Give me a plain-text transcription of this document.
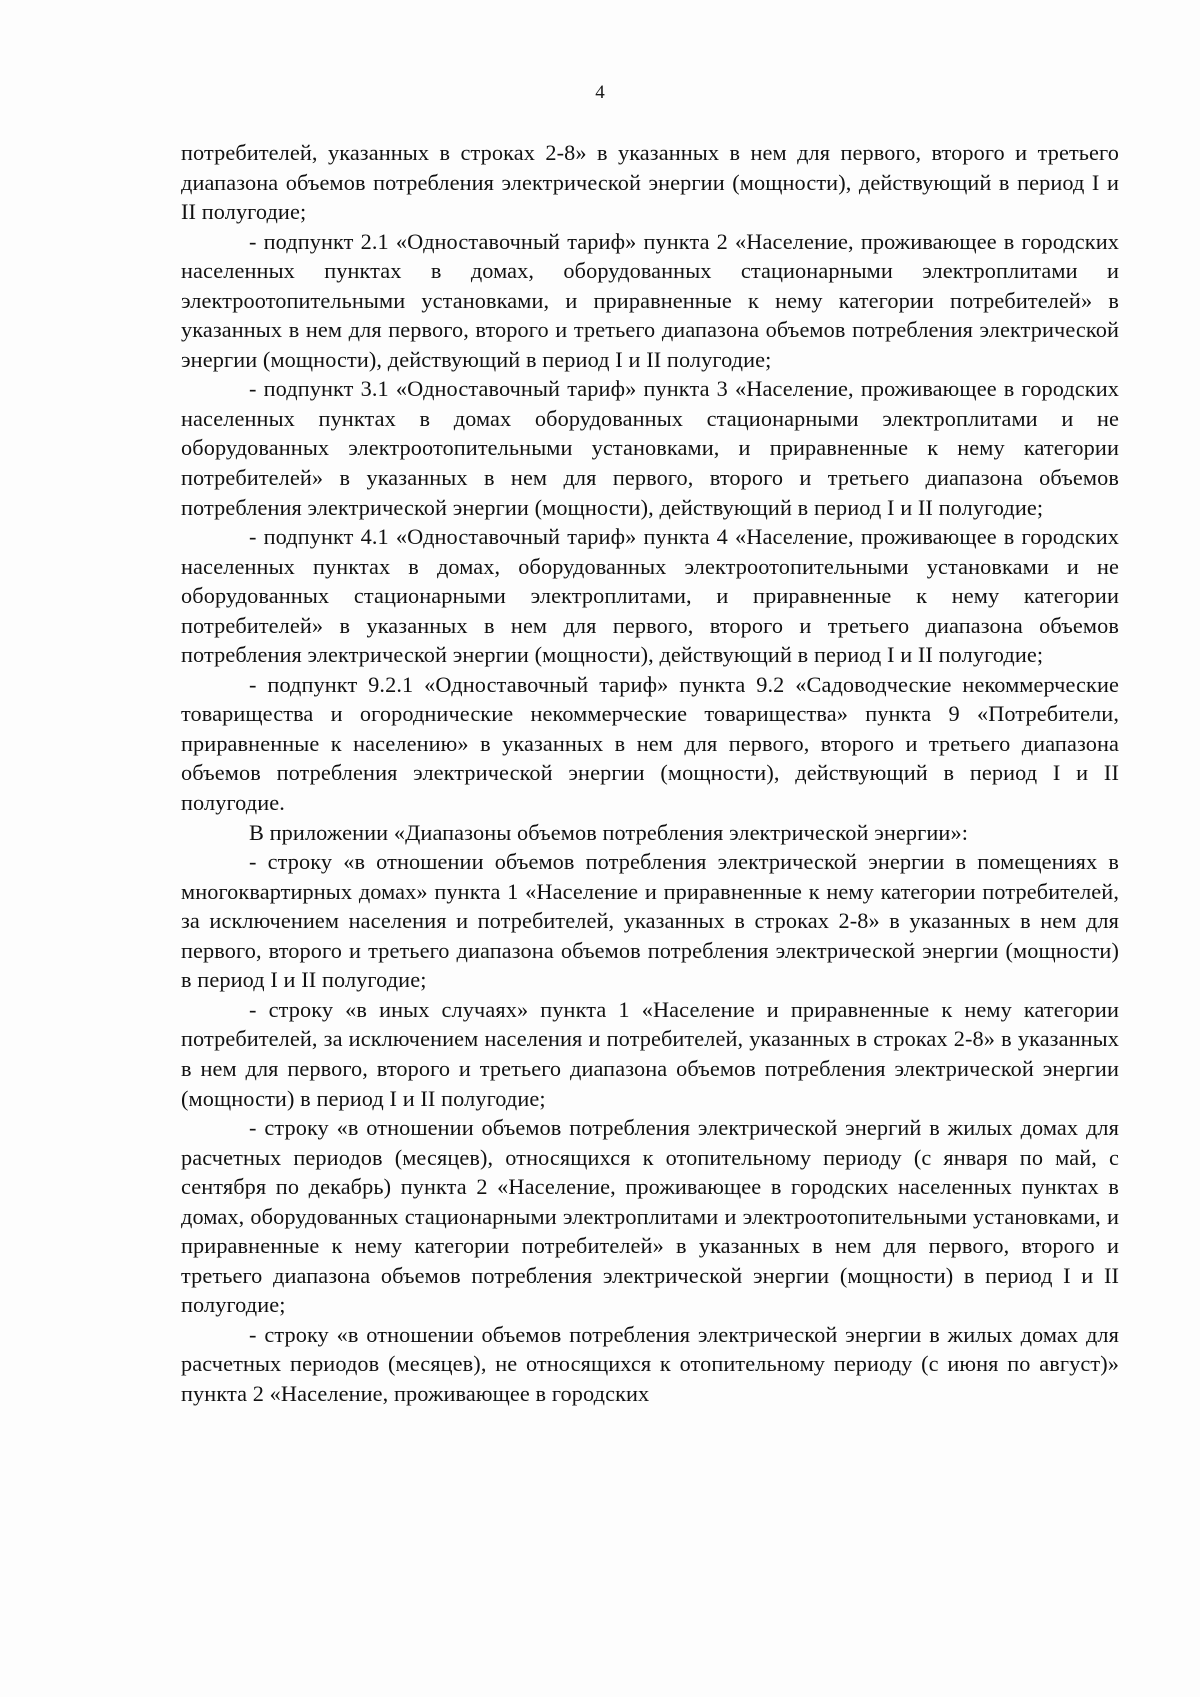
4

потребителей, указанных в строках 2-8» в указанных в нем для первого, второго и третьего диапазона объемов потребления электрической энергии (мощности), действующий в период I и II полугодие;

- подпункт 2.1 «Одноставочный тариф» пункта 2 «Население, проживающее в городских населенных пунктах в домах, оборудованных стационарными электроплитами и электроотопительными установками, и приравненные к нему категории потребителей» в указанных в нем для первого, второго и третьего диапазона объемов потребления электрической энергии (мощности), действующий в период I и II полугодие;

- подпункт 3.1 «Одноставочный тариф» пункта 3 «Население, проживающее в городских населенных пунктах в домах оборудованных стационарными электроплитами и не оборудованных электроотопительными установками, и приравненные к нему категории потребителей» в указанных в нем для первого, второго и третьего диапазона объемов потребления электрической энергии (мощности), действующий в период I и II полугодие;

- подпункт 4.1 «Одноставочный тариф» пункта 4 «Население, проживающее в городских населенных пунктах в домах, оборудованных электроотопительными установками и не оборудованных стационарными электроплитами, и приравненные к нему категории потребителей» в указанных в нем для первого, второго и третьего диапазона объемов потребления электрической энергии (мощности), действующий в период I и II полугодие;

- подпункт 9.2.1 «Одноставочный тариф» пункта 9.2 «Садоводческие некоммерческие товарищества и огороднические некоммерческие товарищества» пункта 9 «Потребители, приравненные к населению» в указанных в нем для первого, второго и третьего диапазона объемов потребления электрической энергии (мощности), действующий в период I и II полугодие.

В приложении «Диапазоны объемов потребления электрической энергии»:

- строку «в отношении объемов потребления электрической энергии в помещениях в многоквартирных домах» пункта 1 «Население и приравненные к нему категории потребителей, за исключением населения и потребителей, указанных в строках 2-8» в указанных в нем для первого, второго и третьего диапазона объемов потребления электрической энергии (мощности) в период I и II полугодие;

- строку «в иных случаях» пункта 1 «Население и приравненные к нему категории потребителей, за исключением населения и потребителей, указанных в строках 2-8» в указанных в нем для первого, второго и третьего диапазона объемов потребления электрической энергии (мощности) в период I и II полугодие;

- строку «в отношении объемов потребления электрической энергий в жилых домах для расчетных периодов (месяцев), относящихся к отопительному периоду (с января по май, с сентября по декабрь) пункта 2 «Население, проживающее в городских населенных пунктах в домах, оборудованных стационарными электроплитами и электроотопительными установками, и приравненные к нему категории потребителей» в указанных в нем для первого, второго и третьего диапазона объемов потребления электрической энергии (мощности) в период I и II полугодие;

- строку «в отношении объемов потребления электрической энергии в жилых домах для расчетных периодов (месяцев), не относящихся к отопительному периоду (с июня по август)» пункта 2 «Население, проживающее в городских
